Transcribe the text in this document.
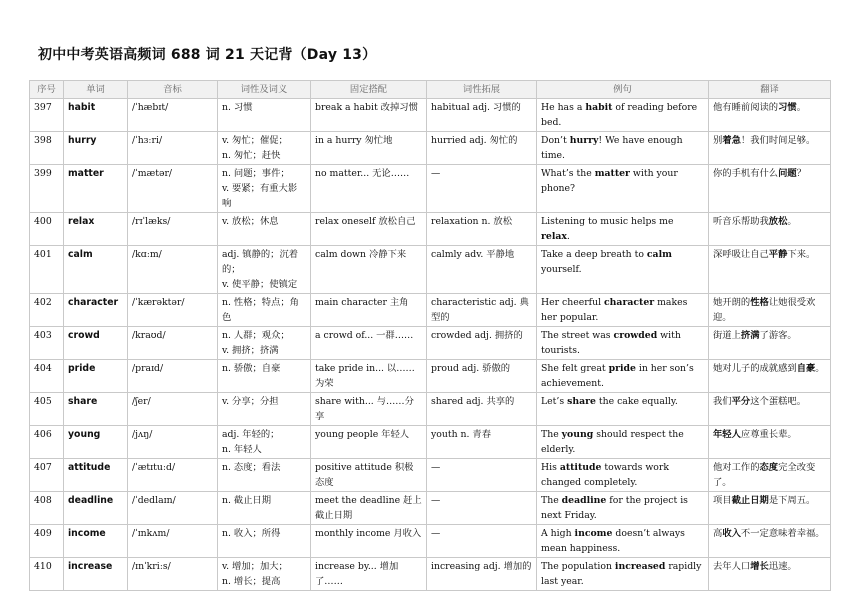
初中中考英语高频词 688 词 21 天记背（Day 13）
序号	单词	音标	词性及词义	固定搭配	词性拓展	例句	翻译
397	habit	/ˈhæbɪt/	n. 习惯	break a habit 改掉习惯	habitual adj. 习惯的	He has a habit of reading before bed.	他有睡前阅读的习惯。
398	hurry	/ˈhɜːri/	v. 匆忙；催促；
n. 匆忙；赶快	in a hurry 匆忙地	hurried adj. 匆忙的	Don’t hurry! We have enough time.	别着急！我们时间足够。
399	matter	/ˈmætər/	n. 问题；事件；
v. 要紧；有重大影响	no matter... 无论……	—	What’s the matter with your phone?	你的手机有什么问题？
400	relax	/rɪˈlæks/	v. 放松；休息	relax oneself 放松自己	relaxation n. 放松	Listening to music helps me relax.	听音乐帮助我放松。
401	calm	/kɑːm/	adj. 镇静的；沉着的；
v. 使平静；使镇定	calm down 冷静下来	calmly adv. 平静地	Take a deep breath to calm yourself.	深呼吸让自己平静下来。
402	character	/ˈkærəktər/	n. 性格；特点；角色	main character 主角	characteristic adj. 典型的	Her cheerful character makes her popular.	她开朗的性格让她很受欢迎。
403	crowd	/kraʊd/	n. 人群；观众；
v. 拥挤；挤满	a crowd of... 一群……	crowded adj. 拥挤的	The street was crowded with tourists.	街道上挤满了游客。
404	pride	/praɪd/	n. 骄傲；自豪	take pride in... 以……为荣	proud adj. 骄傲的	She felt great pride in her son’s achievement.	她对儿子的成就感到自豪。
405	share	/ʃer/	v. 分享；分担	share with... 与……分享	shared adj. 共享的	Let’s share the cake equally.	我们平分这个蛋糕吧。
406	young	/jʌŋ/	adj. 年轻的；
n. 年轻人	young people 年轻人	youth n. 青春	The young should respect the elderly.	年轻人应尊重长辈。
407	attitude	/ˈætɪtuːd/	n. 态度；看法	positive attitude 积极态度	—	His attitude towards work changed completely.	他对工作的态度完全改变了。
408	deadline	/ˈdedlaɪn/	n. 截止日期	meet the deadline 赶上截止日期	—	The deadline for the project is next Friday.	项目截止日期是下周五。
409	income	/ˈɪnkʌm/	n. 收入；所得	monthly income 月收入	—	A high income doesn’t always mean happiness.	高收入不一定意味着幸福。
410	increase	/ɪnˈkriːs/	v. 增加；加大；
n. 增长；提高	increase by... 增加了……	increasing adj. 增加的	The population increased rapidly last year.	去年人口增长迅速。
